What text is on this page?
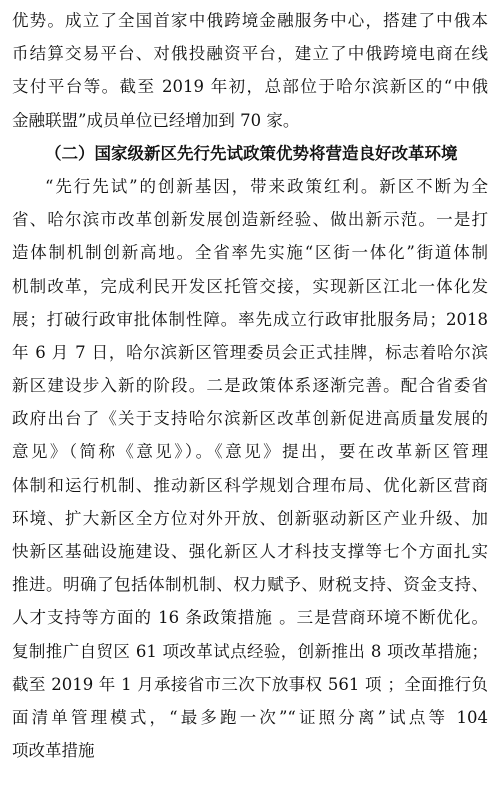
优势。成立了全国首家中俄跨境金融服务中心，搭建了中俄本
币结算交易平台、对俄投融资平台，建立了中俄跨境电商在线
支付平台等。截至 2019 年初，总部位于哈尔滨新区的“中俄
金融联盟”成员单位已经增加到 70 家。
（二）国家级新区先行先试政策优势将营造良好改革环境
“先行先试”的创新基因，带来政策红利。新区不断为全
省、哈尔滨市改革创新发展创造新经验、做出新示范。一是打
造体制机制创新高地。全省率先实施“区街一体化”街道体制
机制改革，完成利民开发区托管交接，实现新区江北一体化发
展；打破行政审批体制性障。率先成立行政审批服务局；2018
年 6 月 7 日，哈尔滨新区管理委员会正式挂牌，标志着哈尔滨
新区建设步入新的阶段。二是政策体系逐渐完善。配合省委省
政府出台了《关于支持哈尔滨新区改革创新促进高质量发展的
意见》（简称《意见》）。《意见》提出，要在改革新区管理
体制和运行机制、推动新区科学规划合理布局、优化新区营商
环境、扩大新区全方位对外开放、创新驱动新区产业升级、加
快新区基础设施建设、强化新区人才科技支撑等七个方面扎实
推进。明确了包括体制机制、权力赋予、财税支持、资金支持、
人才支持等方面的 16 条政策措施 。三是营商环境不断优化。
复制推广自贸区 61 项改革试点经验，创新推出 8 项改革措施；
截至 2019 年 1 月承接省市三次下放事权 561 项 ；全面推行负
面清单管理模式，“最多跑一次”“证照分离”试点等 104
项改革措施
